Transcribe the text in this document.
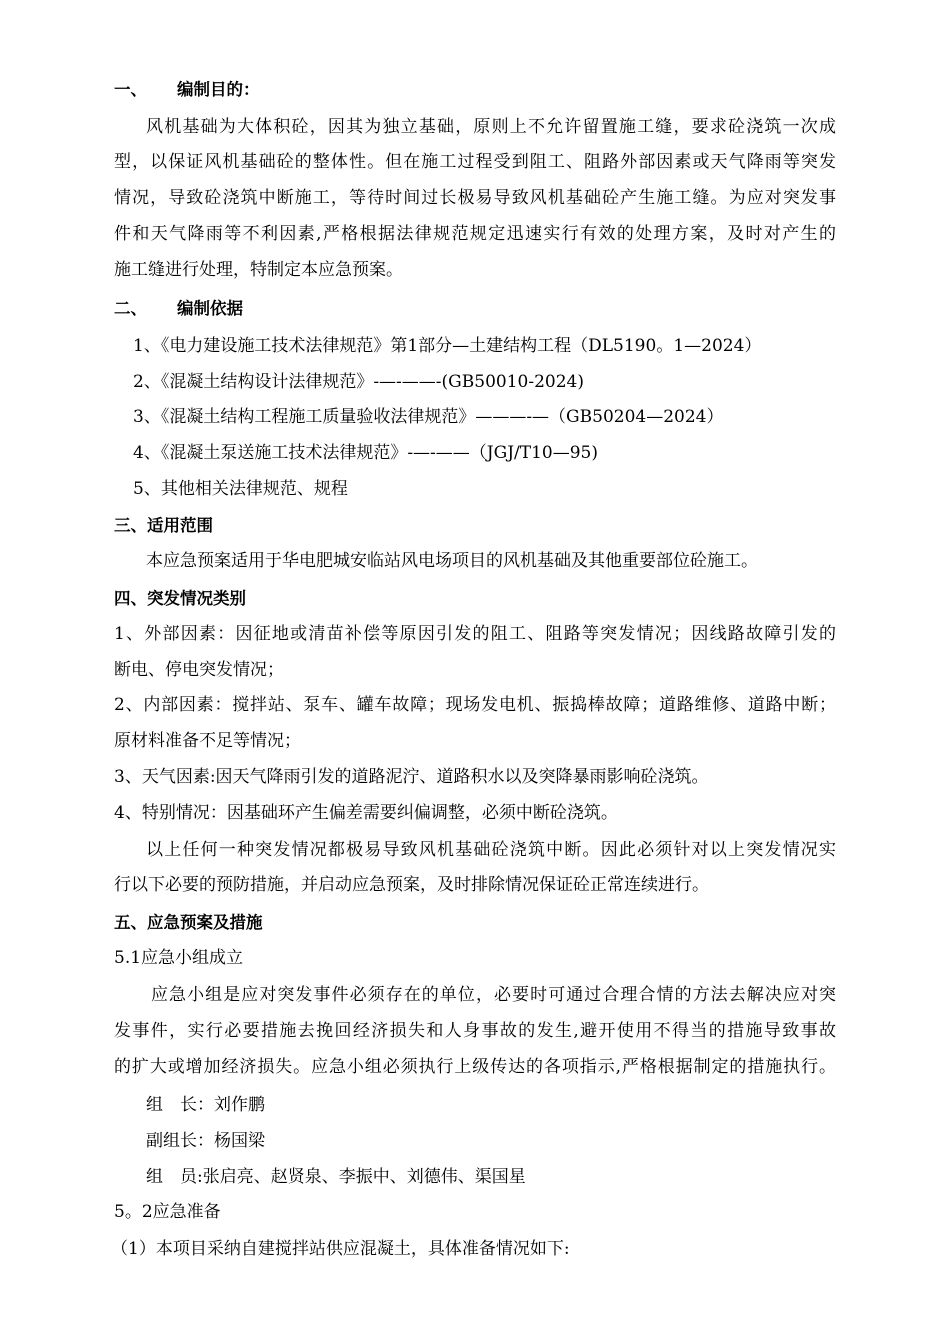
一、 编制目的：
风机基础为大体积砼，因其为独立基础，原则上不允许留置施工缝，要求砼浇筑一次成
型，以保证风机基础砼的整体性。但在施工过程受到阻工、阻路外部因素或天气降雨等突发
情况，导致砼浇筑中断施工，等待时间过长极易导致风机基础砼产生施工缝。为应对突发事
件和天气降雨等不利因素,严格根据法律规范规定迅速实行有效的处理方案，及时对产生的
施工缝进行处理，特制定本应急预案。
二、 编制依据
1、《电力建设施工技术法律规范》第1部分—土建结构工程（DL5190。1—2024）
2、《混凝土结构设计法律规范》-—-——-(GB50010-2024)
3、《混凝土结构工程施工质量验收法律规范》———-—（GB50204—2024）
4、《混凝土泵送施工技术法律规范》-—-——（JGJ/T10—95)
5、其他相关法律规范、规程
三、适用范围
本应急预案适用于华电肥城安临站风电场项目的风机基础及其他重要部位砼施工。
四、突发情况类别
1、外部因素：因征地或清苗补偿等原因引发的阻工、阻路等突发情况；因线路故障引发的
断电、停电突发情况；
2、内部因素：搅拌站、泵车、罐车故障；现场发电机、振捣棒故障；道路维修、道路中断；
原材料准备不足等情况；
3、天气因素:因天气降雨引发的道路泥泞、道路积水以及突降暴雨影响砼浇筑。
4、特别情况：因基础环产生偏差需要纠偏调整，必须中断砼浇筑。
以上任何一种突发情况都极易导致风机基础砼浇筑中断。因此必须针对以上突发情况实
行以下必要的预防措施，并启动应急预案，及时排除情况保证砼正常连续进行。
五、应急预案及措施
5.1应急小组成立
应急小组是应对突发事件必须存在的单位，必要时可通过合理合情的方法去解决应对突
发事件，实行必要措施去挽回经济损失和人身事故的发生,避开使用不得当的措施导致事故
的扩大或增加经济损失。应急小组必须执行上级传达的各项指示,严格根据制定的措施执行。
组　长：刘作鹏
副组长：杨国梁
组　员:张启亮、赵贤泉、李振中、刘德伟、渠国星
5。2应急准备
（1）本项目采纳自建搅拌站供应混凝土，具体准备情况如下:
